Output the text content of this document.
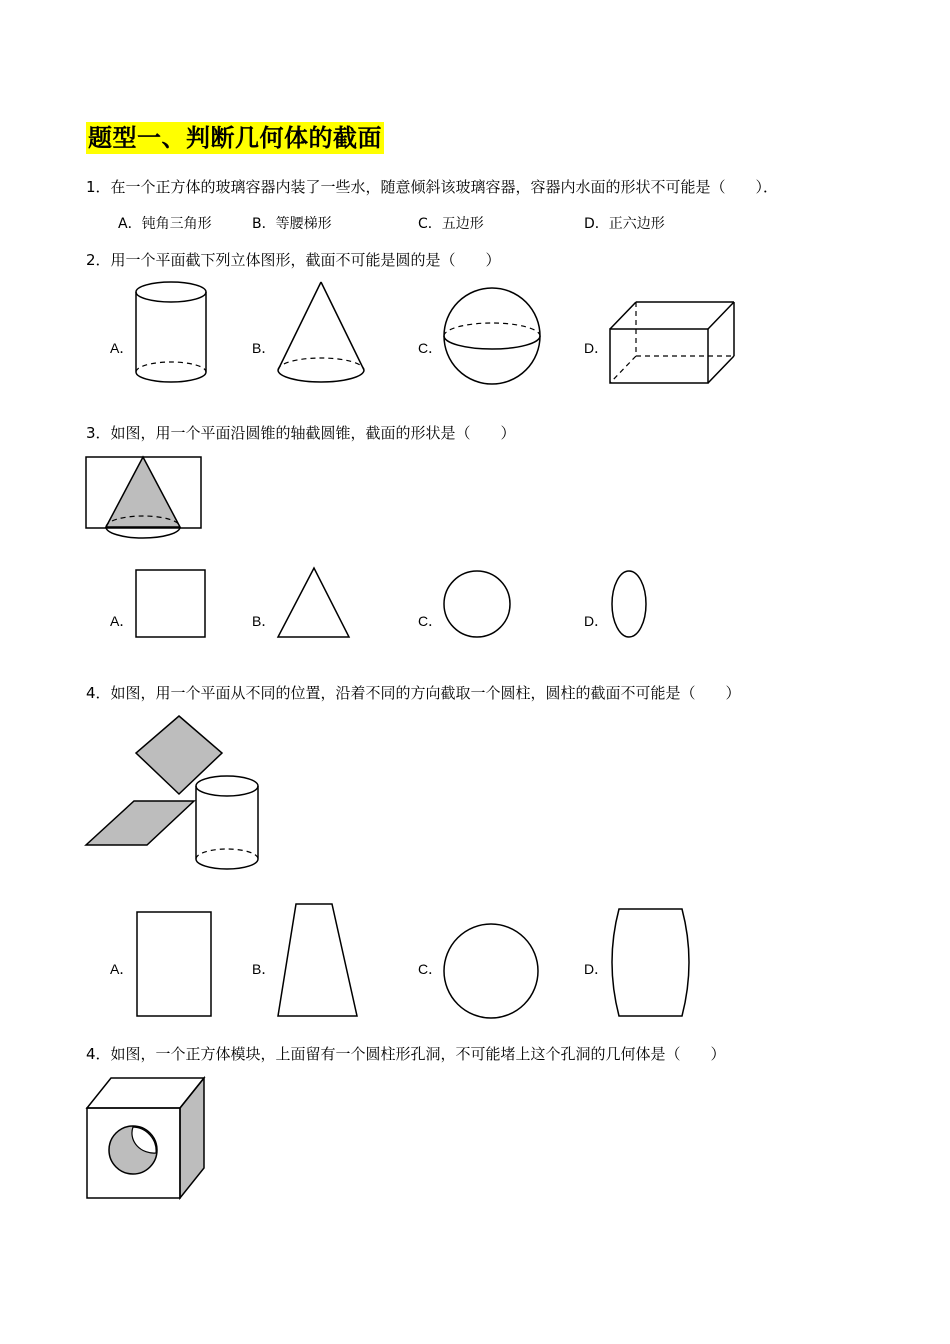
题型一、判断几何体的截面
1．在一个正方体的玻璃容器内装了一些水，随意倾斜该玻璃容器，容器内水面的形状不可能是（　　）．
A．钝角三角形	B．等腰梯形	C．五边形	D．正六边形
2．用一个平面截下列立体图形，截面不可能是圆的是（　　）
A．	B．	C．	D．
3．如图，用一个平面沿圆锥的轴截圆锥，截面的形状是（　　）
A．	B．	C．	D．
4．如图，用一个平面从不同的位置，沿着不同的方向截取一个圆柱，圆柱的截面不可能是（　　）
A．	B．	C．	D．
4．如图，一个正方体模块，上面留有一个圆柱形孔洞，不可能堵上这个孔洞的几何体是（　　）
